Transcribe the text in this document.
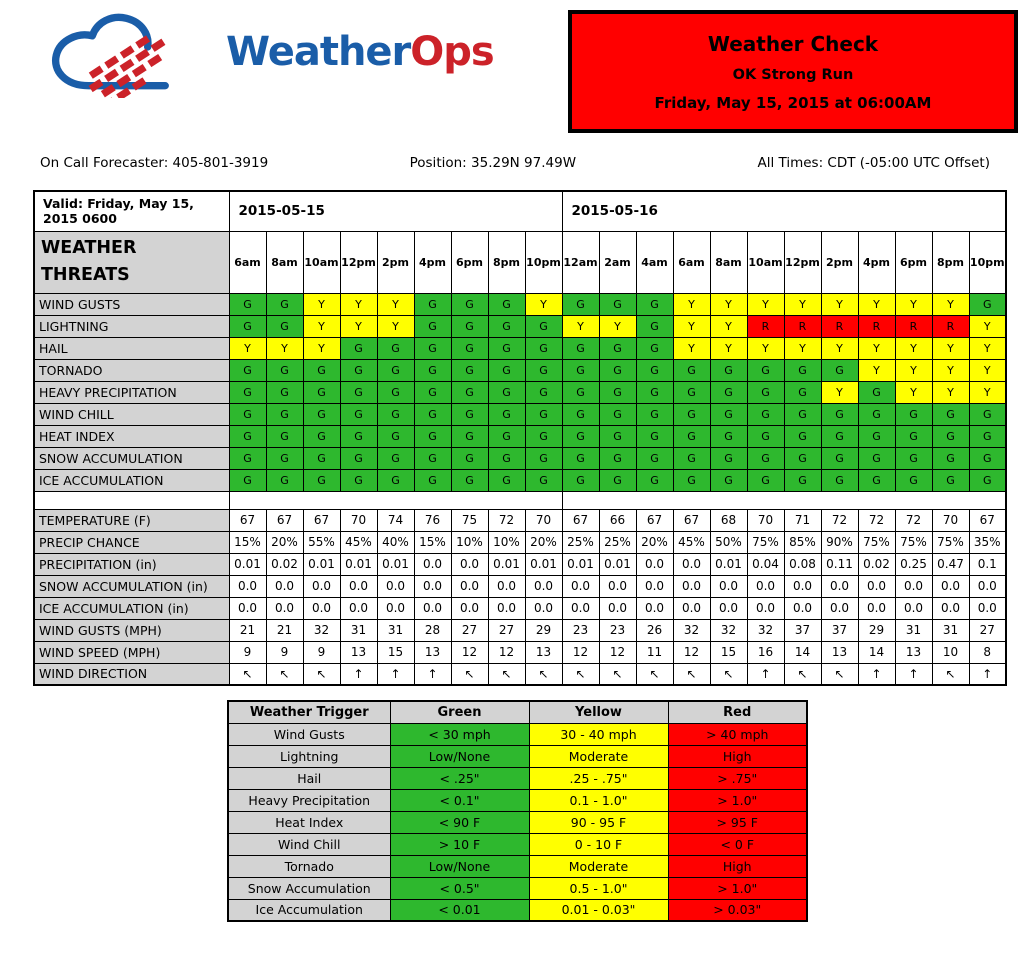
WeatherOps	Weather Check
OK Strong Run
Friday, May 15, 2015 at 06:00AM
On Call Forecaster: 405-801-3919	Position: 35.29N 97.49W	All Times: CDT (-05:00 UTC Offset)
Valid: Friday, May 15, 2015 0600	2015-05-15									2015-05-16											
WEATHER THREATS	6am	8am	10am	12pm	2pm	4pm	6pm	8pm	10pm	12am	2am	4am	6am	8am	10am	12pm	2pm	4pm	6pm	8pm	10pm
WIND GUSTS	G	G	Y	Y	Y	G	G	G	Y	G	G	G	Y	Y	Y	Y	Y	Y	Y	Y	G
LIGHTNING	G	G	Y	Y	Y	G	G	G	G	Y	Y	G	Y	Y	R	R	R	R	R	R	Y
HAIL	Y	Y	Y	G	G	G	G	G	G	G	G	G	Y	Y	Y	Y	Y	Y	Y	Y	Y
TORNADO	G	G	G	G	G	G	G	G	G	G	G	G	G	G	G	G	G	Y	Y	Y	Y
HEAVY PRECIPITATION	G	G	G	G	G	G	G	G	G	G	G	G	G	G	G	G	Y	G	Y	Y	Y
WIND CHILL	G	G	G	G	G	G	G	G	G	G	G	G	G	G	G	G	G	G	G	G	G
HEAT INDEX	G	G	G	G	G	G	G	G	G	G	G	G	G	G	G	G	G	G	G	G	G
SNOW ACCUMULATION	G	G	G	G	G	G	G	G	G	G	G	G	G	G	G	G	G	G	G	G	G
ICE ACCUMULATION	G	G	G	G	G	G	G	G	G	G	G	G	G	G	G	G	G	G	G	G	G

TEMPERATURE (F)	67	67	67	70	74	76	75	72	70	67	66	67	67	68	70	71	72	72	72	70	67
PRECIP CHANCE	15%	20%	55%	45%	40%	15%	10%	10%	20%	25%	25%	20%	45%	50%	75%	85%	90%	75%	75%	75%	35%
PRECIPITATION (in)	0.01	0.02	0.01	0.01	0.01	0.0	0.0	0.01	0.01	0.01	0.01	0.0	0.0	0.01	0.04	0.08	0.11	0.02	0.25	0.47	0.1
SNOW ACCUMULATION (in)	0.0	0.0	0.0	0.0	0.0	0.0	0.0	0.0	0.0	0.0	0.0	0.0	0.0	0.0	0.0	0.0	0.0	0.0	0.0	0.0	0.0
ICE ACCUMULATION (in)	0.0	0.0	0.0	0.0	0.0	0.0	0.0	0.0	0.0	0.0	0.0	0.0	0.0	0.0	0.0	0.0	0.0	0.0	0.0	0.0	0.0
WIND GUSTS (MPH)	21	21	32	31	31	28	27	27	29	23	23	26	32	32	32	37	37	29	31	31	27
WIND SPEED (MPH)	9	9	9	13	15	13	12	12	13	12	12	11	12	15	16	14	13	14	13	10	8
WIND DIRECTION	↖	↖	↖	↑	↑	↑	↖	↖	↖	↖	↖	↖	↖	↖	↑	↖	↖	↑	↑	↖	↑
Weather Trigger	Green	Yellow	Red
Wind Gusts	< 30 mph	30 - 40 mph	> 40 mph
Lightning	Low/None	Moderate	High
Hail	< .25"	.25 - .75"	> .75"
Heavy Precipitation	< 0.1"	0.1 - 1.0"	> 1.0"
Heat Index	< 90 F	90 - 95 F	> 95 F
Wind Chill	> 10 F	0 - 10 F	< 0 F
Tornado	Low/None	Moderate	High
Snow Accumulation	< 0.5"	0.5 - 1.0"	> 1.0"
Ice Accumulation	< 0.01	0.01 - 0.03"	> 0.03"
